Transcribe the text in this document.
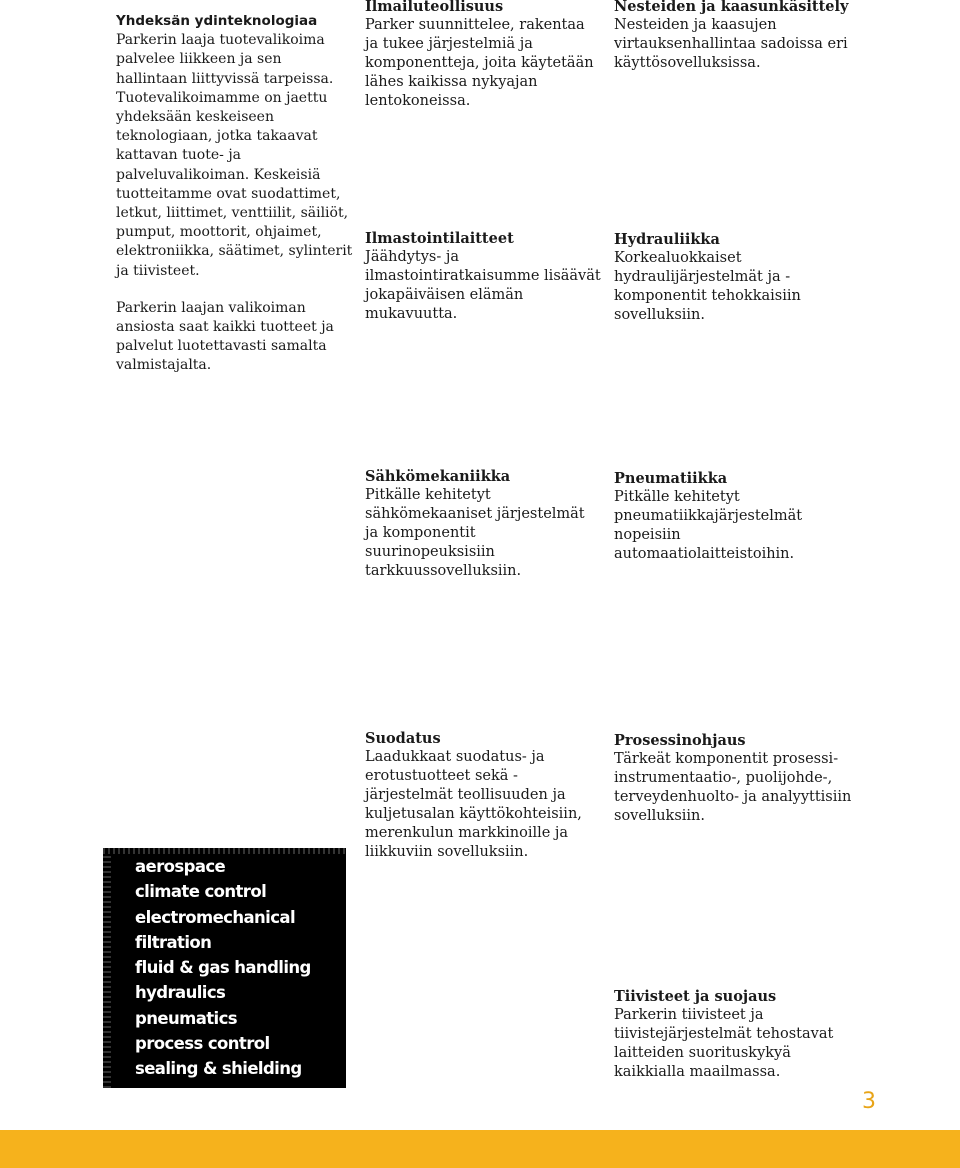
Yhdeksän ydinteknologiaa
Parkerin laaja tuotevalikoima palvelee liikkeen ja sen hallintaan liittyvissä tarpeissa. Tuotevalikoimamme on jaettu yhdeksään keskeiseen teknologiaan, jotka takaavat kattavan tuote- ja palveluvalikoiman. Keskeisiä tuotteitamme ovat suodattimet, letkut, liittimet, venttiilit, säiliöt, pumput, moottorit, ohjaimet, elektroniikka, säätimet, sylinterit ja tiivisteet.

Parkerin laajan valikoiman ansiosta saat kaikki tuotteet ja palvelut luotettavasti samalta valmistajalta.

Ilmailuteollisuus
Parker suunnittelee, rakentaa ja tukee järjestelmiä ja komponentteja, joita käytetään lähes kaikissa nykyajan lentokoneissa.
Nesteiden ja kaasunkäsittely
Nesteiden ja kaasujen virtauksenhallintaa sadoissa eri käyttösovelluksissa.
Ilmastointilaitteet
Jäähdytys- ja ilmastointiratkaisumme lisäävät jokapäiväisen elämän mukavuutta.
Hydrauliikka
Korkealuokkaiset hydraulijärjestelmät ja -komponentit tehokkaisiin sovelluksiin.
Sähkömekaniikka
Pitkälle kehitetyt sähkömekaaniset järjestelmät ja komponentit suurinopeuksisiin tarkkuussovelluksiin.
Pneumatiikka
Pitkälle kehitetyt pneumatiikkajärjestelmät nopeisiin automaatiolaitteistoihin.
Suodatus
Laadukkaat suodatus- ja erotustuotteet sekä -järjestelmät teollisuuden ja kuljetusalan käyttökohteisiin, merenkulun markkinoille ja liikkuviin sovelluksiin.
Prosessinohjaus
Tärkeät komponentit prosessi-instrumentaatio-, puolijohde-, terveydenhuolto- ja analyyttisiin sovelluksiin.
Tiivisteet ja suojaus
Parkerin tiivisteet ja tiivistejärjestelmät tehostavat laitteiden suorituskykyä kaikkialla maailmassa.
aerospace
climate control
electromechanical
filtration
fluid & gas handling
hydraulics
pneumatics
process control
sealing & shielding
3
